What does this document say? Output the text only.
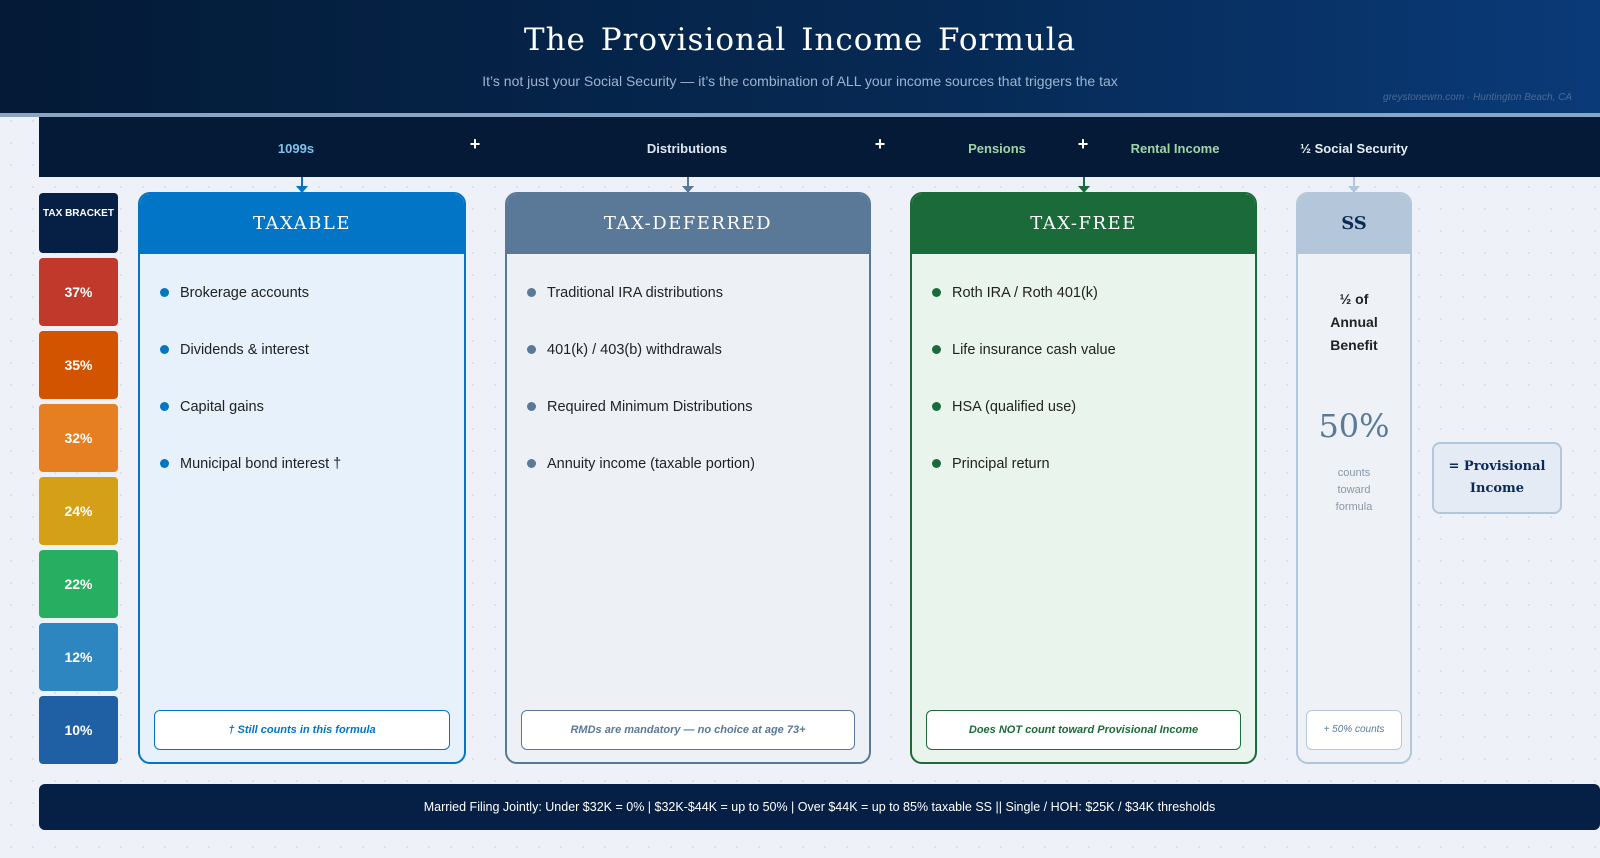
The Provisional Income Formula
It’s not just your Social Security — it’s the combination of ALL your income sources that triggers the tax
greystonewm.com · Huntington Beach, CA
1099s	+	Distributions	+	Pensions	+	Rental Income	½ Social Security
TAX BRACKET
37%
35%
32%
24%
22%
12%
10%
TAXABLE
Brokerage accounts
Dividends & interest
Capital gains
Municipal bond interest †
† Still counts in this formula
TAX-DEFERRED
Traditional IRA distributions
401(k) / 403(b) withdrawals
Required Minimum Distributions
Annuity income (taxable portion)
RMDs are mandatory — no choice at age 73+
TAX-FREE
Roth IRA / Roth 401(k)
Life insurance cash value
HSA (qualified use)
Principal return
Does NOT count toward Provisional Income
SS
½ of Annual Benefit
50%
counts toward formula
+ 50% counts
= Provisional Income
Married Filing Jointly: Under $32K = 0% | $32K-$44K = up to 50% | Over $44K = up to 85% taxable SS || Single / HOH: $25K / $34K thresholds
